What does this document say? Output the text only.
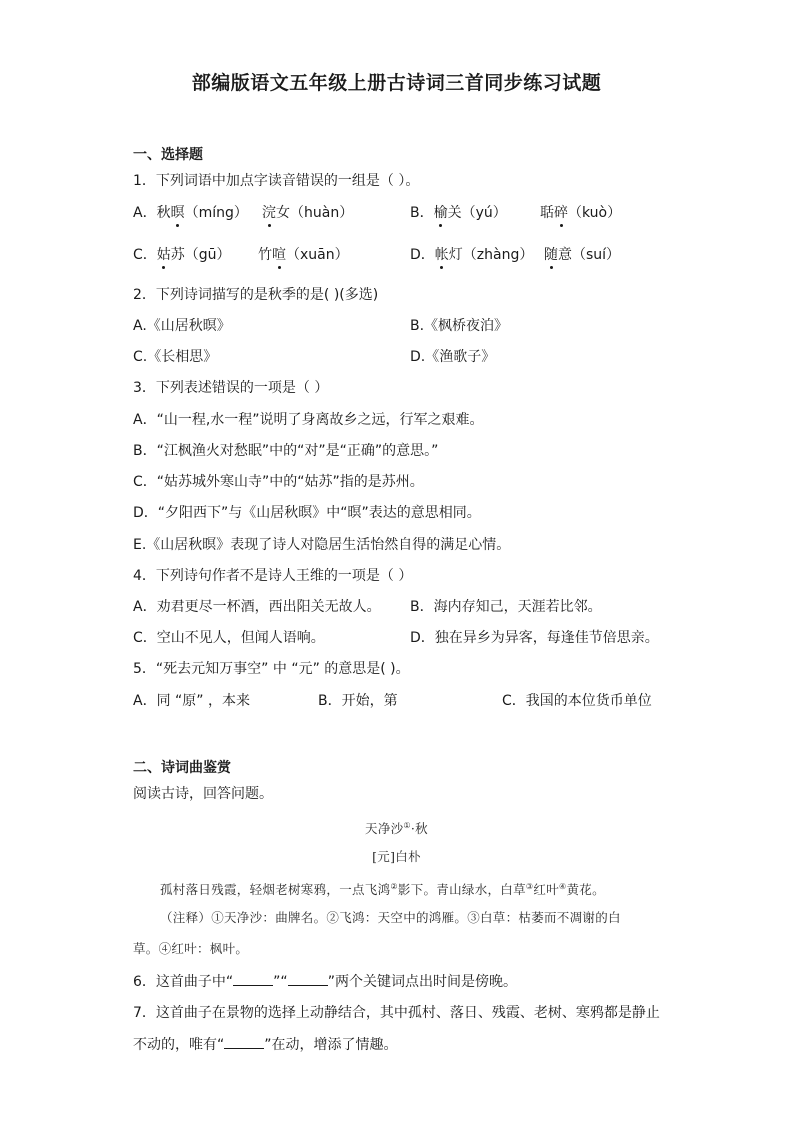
部编版语文五年级上册古诗词三首同步练习试题
一、选择题
1．下列词语中加点字读音错误的一组是（ ）。
A．秋暝（míng） 浣女（huàn）	B．榆关（yú） 聒碎（kuò）
C．姑苏（gū） 竹喧（xuān）	D．帐灯（zhàng） 随意（suí）
2．下列诗词描写的是秋季的是( )(多选)
A.《山居秋暝》	B.《枫桥夜泊》
C.《长相思》	D.《渔歌子》
3．下列表述错误的一项是（ ）
A．“山一程,水一程”说明了身离故乡之远，行军之艰难。
B．“江枫渔火对愁眠”中的“对”是“正确”的意思。”
C．“姑苏城外寒山寺”中的“姑苏”指的是苏州。
D．“夕阳西下”与《山居秋暝》中“暝”表达的意思相同。
E.《山居秋暝》表现了诗人对隐居生活怡然自得的满足心情。
4．下列诗句作者不是诗人王维的一项是（ ）
A．劝君更尽一杯酒，西出阳关无故人。 B．海内存知己，天涯若比邻。
C．空山不见人，但闻人语响。	D．独在异乡为异客，每逢佳节倍思亲。
5．“死去元知万事空” 中 “元” 的意思是( )。
A．同 “原” ，本来	B．开始，第	C．我国的本位货币单位
二、诗词曲鉴赏
阅读古诗，回答问题。
天净沙①·秋
[元]白朴
孤村落日残霞，轻烟老树寒鸦，一点飞鸿②影下。青山绿水，白草③红叶④黄花。
（注释）①天净沙：曲牌名。②飞鸿：天空中的鸿雁。③白草：枯萎而不凋谢的白
草。④红叶：枫叶。
6．这首曲子中“	”“	”两个关键词点出时间是傍晚。
7．这首曲子在景物的选择上动静结合，其中孤村、落日、残霞、老树、寒鸦都是静止
不动的，唯有“	”在动，增添了情趣。
